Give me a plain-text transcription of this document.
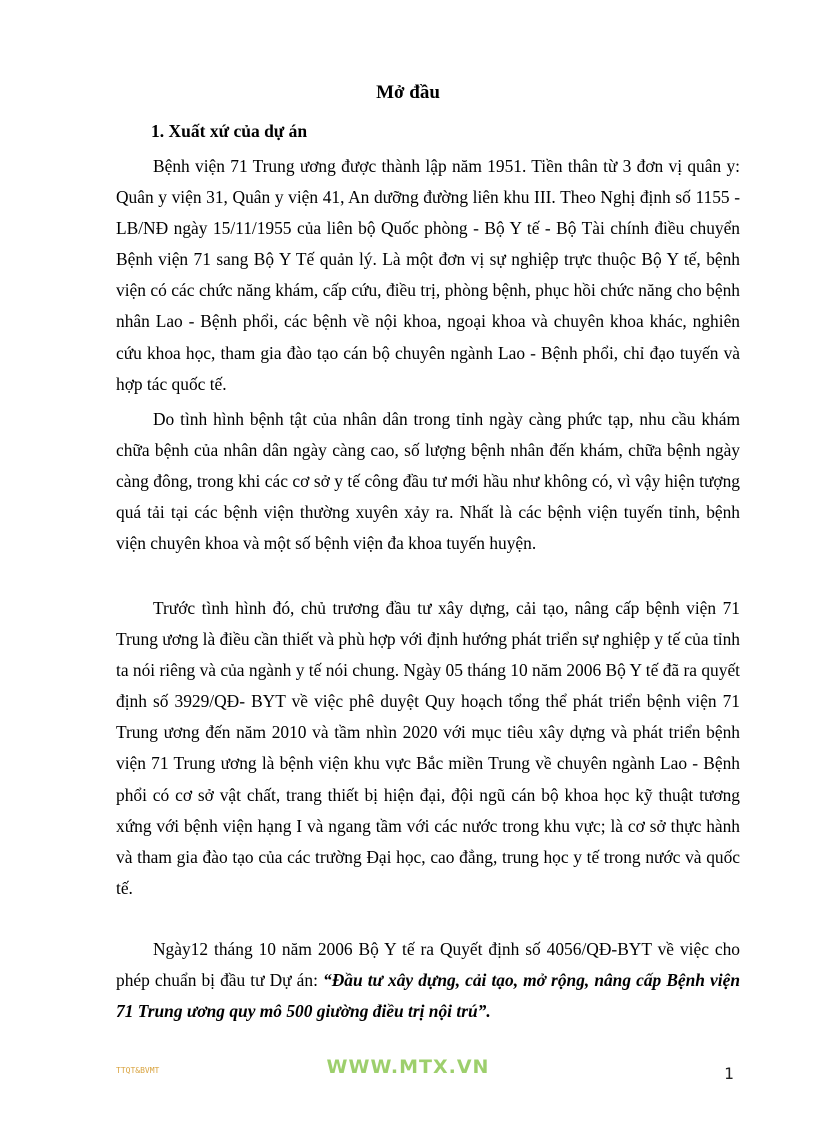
Mở đầu
1. Xuất xứ của dự án

Bệnh viện 71 Trung ương được thành lập năm 1951. Tiền thân từ 3 đơn vị quân y: Quân y viện 31, Quân y viện 41, An dưỡng đường liên khu III. Theo Nghị định số 1155 - LB/NĐ ngày 15/11/1955 của liên bộ Quốc phòng - Bộ Y tế - Bộ Tài chính điều chuyển Bệnh viện 71 sang Bộ Y Tế quản lý. Là một đơn vị sự nghiệp trực thuộc Bộ Y tế, bệnh viện có các chức năng khám, cấp cứu, điều trị, phòng bệnh, phục hồi chức năng cho bệnh nhân Lao - Bệnh phổi, các bệnh về nội khoa, ngoại khoa và chuyên khoa khác, nghiên cứu khoa học, tham gia đào tạo cán bộ chuyên ngành Lao - Bệnh phổi, chỉ đạo tuyến và hợp tác quốc tế.

Do tình hình bệnh tật của nhân dân trong tỉnh ngày càng phức tạp, nhu cầu khám chữa bệnh của nhân dân ngày càng cao, số lượng bệnh nhân đến khám, chữa bệnh ngày càng đông, trong khi các cơ sở y tế công đầu tư mới hầu như không có, vì vậy hiện tượng quá tải tại các bệnh viện thường xuyên xảy ra. Nhất là các bệnh viện tuyến tỉnh, bệnh viện chuyên khoa và một số bệnh viện đa khoa tuyến huyện.

Trước tình hình đó, chủ trương đầu tư xây dựng, cải tạo, nâng cấp bệnh viện 71 Trung ương là điều cần thiết và phù hợp với định hướng phát triển sự nghiệp y tế của tỉnh ta nói riêng và của ngành y tế nói chung. Ngày 05 tháng 10 năm 2006 Bộ Y tế đã ra quyết định số 3929/QĐ- BYT về việc phê duyệt Quy hoạch tổng thể phát triển bệnh viện 71 Trung ương đến năm 2010 và tầm nhìn 2020 với mục tiêu xây dựng và phát triển bệnh viện 71 Trung ương là bệnh viện khu vực Bắc miền Trung về chuyên ngành Lao - Bệnh phổi có cơ sở vật chất, trang thiết bị hiện đại, đội ngũ cán bộ khoa học kỹ thuật tương xứng với bệnh viện hạng I và ngang tầm với các nước trong khu vực; là cơ sở thực hành và tham gia đào tạo của các trường Đại học, cao đẳng, trung học y tế trong nước và quốc tế.

Ngày12 tháng 10 năm 2006 Bộ Y tế ra Quyết định số 4056/QĐ-BYT về việc cho phép chuẩn bị đầu tư Dự án: “Đầu tư xây dựng, cải tạo, mở rộng, nâng cấp Bệnh viện 71 Trung ương quy mô 500 giường điều trị nội trú”.

TTQT&BVMT	WWW.MTX.VN	1
